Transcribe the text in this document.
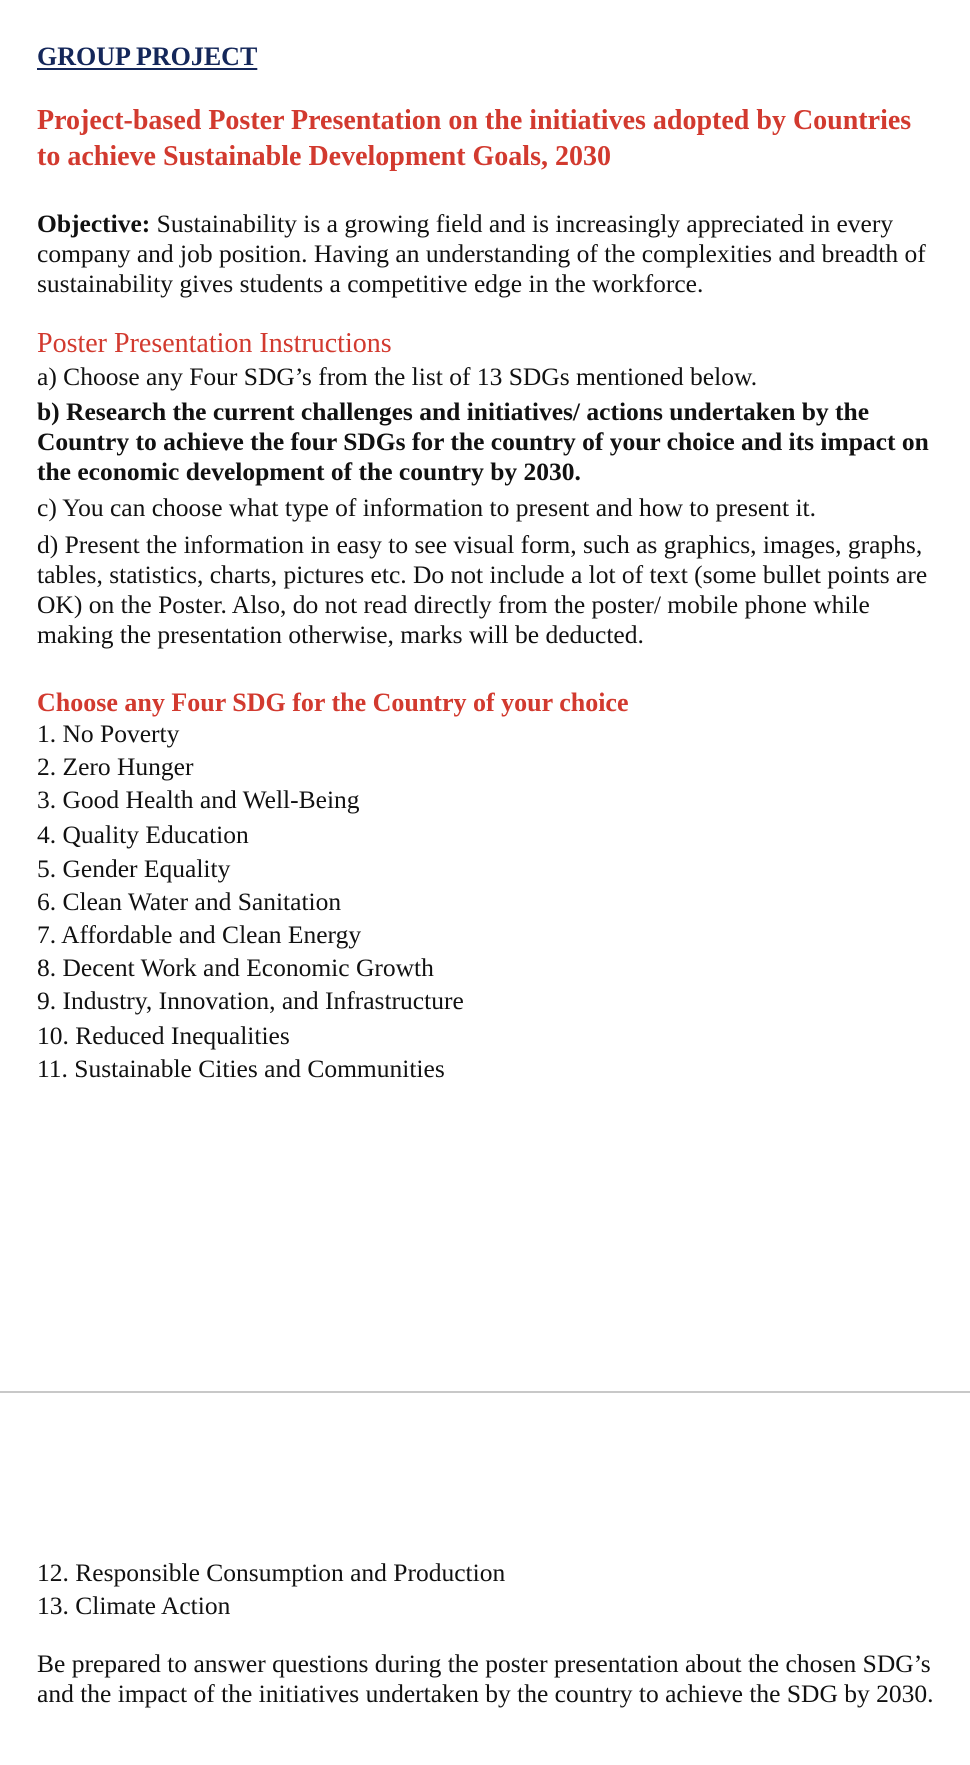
GROUP PROJECT
Project-based Poster Presentation on the initiatives adopted by Countries to achieve Sustainable Development Goals, 2030
Objective: Sustainability is a growing field and is increasingly appreciated in every company and job position. Having an understanding of the complexities and breadth of sustainability gives students a competitive edge in the workforce.
Poster Presentation Instructions
a) Choose any Four SDG’s from the list of 13 SDGs mentioned below.
b) Research the current challenges and initiatives/ actions undertaken by the Country to achieve the four SDGs for the country of your choice and its impact on the economic development of the country by 2030.
c) You can choose what type of information to present and how to present it.
d) Present the information in easy to see visual form, such as graphics, images, graphs, tables, statistics, charts, pictures etc. Do not include a lot of text (some bullet points are OK) on the Poster. Also, do not read directly from the poster/ mobile phone while making the presentation otherwise, marks will be deducted.
Choose any Four SDG for the Country of your choice
1. No Poverty
2. Zero Hunger
3. Good Health and Well-Being
4. Quality Education
5. Gender Equality
6. Clean Water and Sanitation
7. Affordable and Clean Energy
8. Decent Work and Economic Growth
9. Industry, Innovation, and Infrastructure
10. Reduced Inequalities
11. Sustainable Cities and Communities
12. Responsible Consumption and Production
13. Climate Action
Be prepared to answer questions during the poster presentation about the chosen SDG’s and the impact of the initiatives undertaken by the country to achieve the SDG by 2030.
